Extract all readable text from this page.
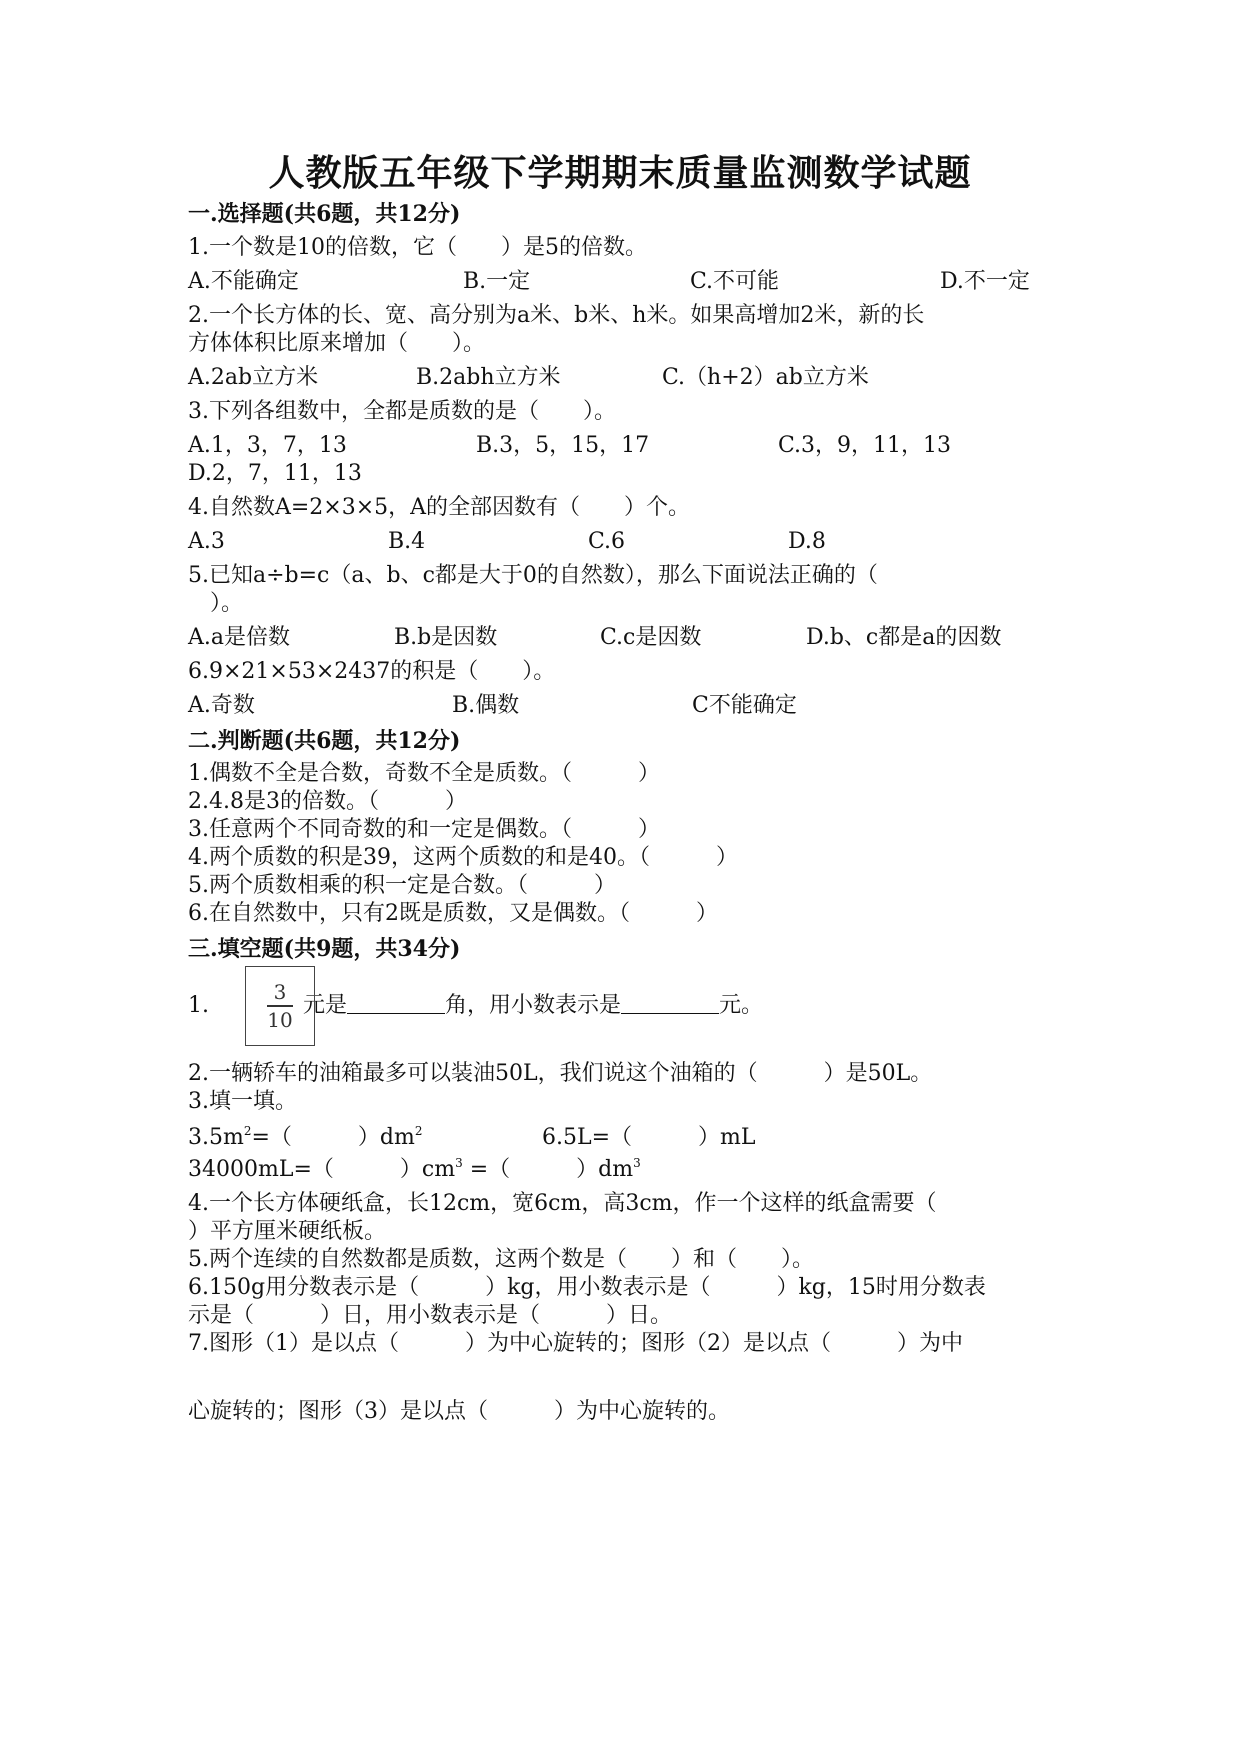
人教版五年级下学期期末质量监测数学试题
一.选择题(共6题，共12分)
1.一个数是10的倍数，它（　　）是5的倍数。
A.不能确定	B.一定	C.不可能	D.不一定
2.一个长方体的长、宽、高分别为a米、b米、h米。如果高增加2米，新的长
方体体积比原来增加（　　）。
A.2ab立方米	B.2abh立方米	C.（h+2）ab立方米
3.下列各组数中，全都是质数的是（　　）。
A.1，3，7，13	B.3，5，15，17	C.3，9，11，13
D.2，7，11，13
4.自然数A=2×3×5，A的全部因数有（　　）个。
A.3	B.4	C.6	D.8
5.已知a÷b=c（a、b、c都是大于0的自然数），那么下面说法正确的（
　）。
A.a是倍数	B.b是因数	C.c是因数	D.b、c都是a的因数
6.9×21×53×2437的积是（　　）。
A.奇数	B.偶数	C不能确定
二.判断题(共6题，共12分)
1.偶数不全是合数，奇数不全是质数。（　　　）
2.4.8是3的倍数。（　　　）
3.任意两个不同奇数的和一定是偶数。（　　　）
4.两个质数的积是39，这两个质数的和是40。（　　　）
5.两个质数相乘的积一定是合数。（　　　）
6.在自然数中，只有2既是质数，又是偶数。（　　　）
三.填空题(共9题，共34分)
1.	元是	角，用小数表示是	元。
3
10
2.一辆轿车的油箱最多可以装油50L，我们说这个油箱的（　　　）是50L。
3.填一填。
$3.5m^2=$（　　　）$dm^2$	6.5L=（　　　）mL
34000mL=（　　　）$cm^3$ =（　　　）$dm^3$
4.一个长方体硬纸盒，长12cm，宽6cm，高3cm，作一个这样的纸盒需要（
）平方厘米硬纸板。
5.两个连续的自然数都是质数，这两个数是（　　）和（　　）。
6.150g用分数表示是（　　　）kg，用小数表示是（　　　）kg，15时用分数表
示是（　　　）日，用小数表示是（　　　）日。
7.图形（1）是以点（　　　）为中心旋转的；图形（2）是以点（　　　）为中
心旋转的；图形（3）是以点（　　　）为中心旋转的。
